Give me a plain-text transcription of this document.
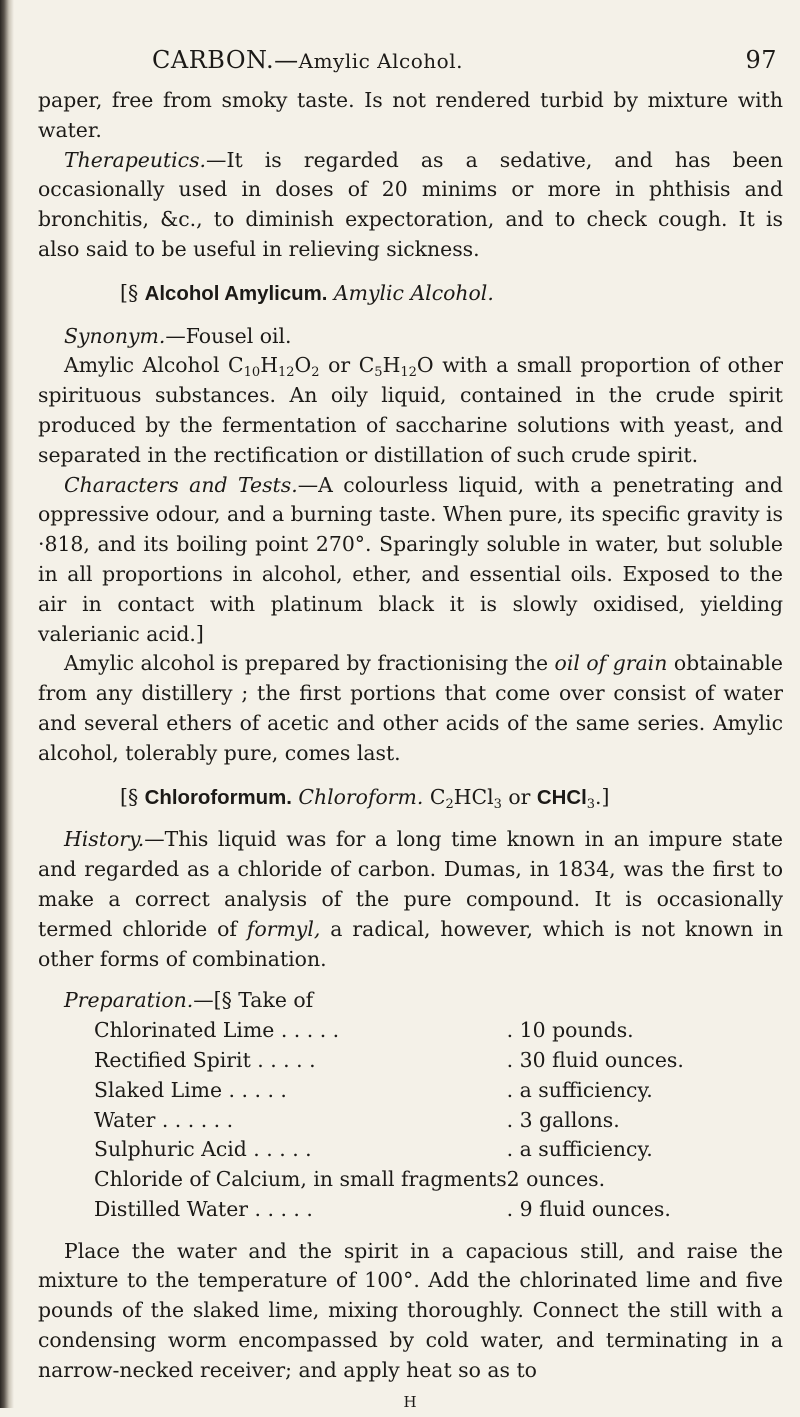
CARBON.—Amylic Alcohol.	97

paper, free from smoky taste. Is not rendered turbid by mixture with water.

Therapeutics.—It is regarded as a sedative, and has been occasionally used in doses of 20 minims or more in phthisis and bronchitis, &c., to diminish expectoration, and to check cough. It is also said to be useful in relieving sickness.

[§ Alcohol Amylicum. Amylic Alcohol.

Synonym.—Fousel oil.

Amylic Alcohol $C_{10}H_{12}O_2$ or $C_5H_{12}O$ with a small proportion of other spirituous substances. An oily liquid, contained in the crude spirit produced by the fermentation of saccharine solutions with yeast, and separated in the rectification or distillation of such crude spirit.

Characters and Tests.—A colourless liquid, with a penetrating and oppressive odour, and a burning taste. When pure, its specific gravity is ·818, and its boiling point 270°. Sparingly soluble in water, but soluble in all proportions in alcohol, ether, and essential oils. Exposed to the air in contact with platinum black it is slowly oxidised, yielding valerianic acid.]

Amylic alcohol is prepared by fractionising the oil of grain obtainable from any distillery ; the first portions that come over consist of water and several ethers of acetic and other acids of the same series. Amylic alcohol, tolerably pure, comes last.

[§ Chloroformum. Chloroform. $C_2HCl_3$ or CHCl$_3$.]

History.—This liquid was for a long time known in an impure state and regarded as a chloride of carbon. Dumas, in 1834, was the first to make a correct analysis of the pure compound. It is occasionally termed chloride of formyl, a radical, however, which is not known in other forms of combination.

Preparation.—[§ Take of

Chlorinated Lime . . . . .	. 10 pounds.
Rectified Spirit . . . . .	. 30 fluid ounces.
Slaked Lime . . . . .	. a sufficiency.
Water . . . . . .	. 3 gallons.
Sulphuric Acid . . . . .	. a sufficiency.
Chloride of Calcium, in small fragments	2 ounces.
Distilled Water . . . . .	. 9 fluid ounces.

Place the water and the spirit in a capacious still, and raise the mixture to the temperature of 100°. Add the chlorinated lime and five pounds of the slaked lime, mixing thoroughly. Connect the still with a condensing worm encompassed by cold water, and terminating in a narrow-necked receiver; and apply heat so as to

H
